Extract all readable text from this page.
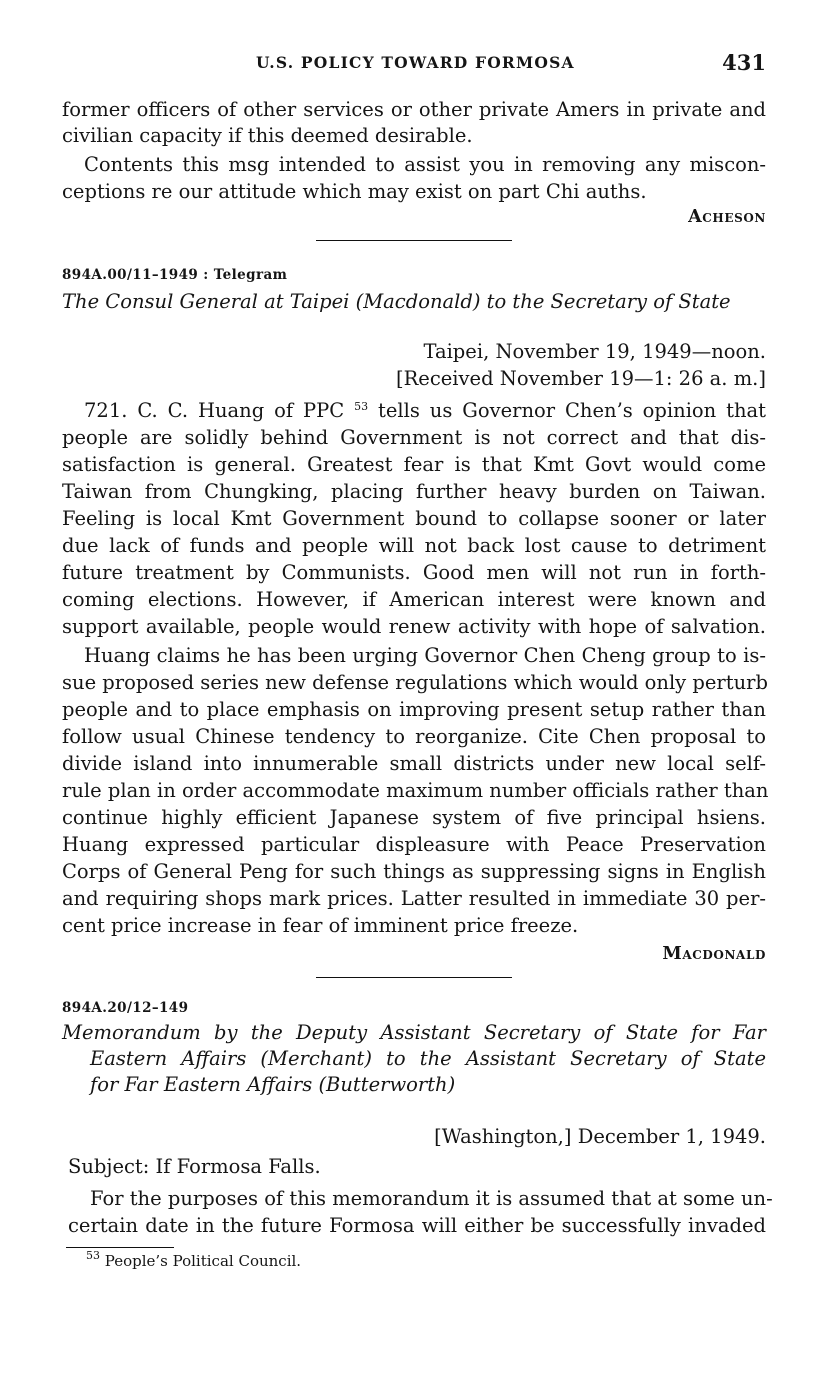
U.S. POLICY TOWARD FORMOSA	431
former officers of other services or other private Amers in private and
civilian capacity if this deemed desirable.
Contents this msg intended to assist you in removing any miscon-
ceptions re our attitude which may exist on part Chi auths.
Acheson
894A.00/11–1949 : Telegram
The Consul General at Taipei (Macdonald) to the Secretary of State
Taipei, November 19, 1949—noon.
[Received November 19—1: 26 a. m.]
721. C. C. Huang of PPC $^{53}$ tells us Governor Chen’s opinion that
people are solidly behind Government is not correct and that dis-
satisfaction is general. Greatest fear is that Kmt Govt would come
Taiwan from Chungking, placing further heavy burden on Taiwan.
Feeling is local Kmt Government bound to collapse sooner or later
due lack of funds and people will not back lost cause to detriment
future treatment by Communists. Good men will not run in forth-
coming elections. However, if American interest were known and
support available, people would renew activity with hope of salvation.
Huang claims he has been urging Governor Chen Cheng group to is-
sue proposed series new defense regulations which would only perturb
people and to place emphasis on improving present setup rather than
follow usual Chinese tendency to reorganize. Cite Chen proposal to
divide island into innumerable small districts under new local self-
rule plan in order accommodate maximum number officials rather than
continue highly efficient Japanese system of five principal hsiens.
Huang expressed particular displeasure with Peace Preservation
Corps of General Peng for such things as suppressing signs in English
and requiring shops mark prices. Latter resulted in immediate 30 per-
cent price increase in fear of imminent price freeze.
Macdonald
894A.20/12–149
Memorandum by the Deputy Assistant Secretary of State for Far
Eastern Affairs (Merchant) to the Assistant Secretary of State
for Far Eastern Affairs (Butterworth)
[Washington,] December 1, 1949.
Subject: If Formosa Falls.
For the purposes of this memorandum it is assumed that at some un-
certain date in the future Formosa will either be successfully invaded
$^{53}$ People’s Political Council.
